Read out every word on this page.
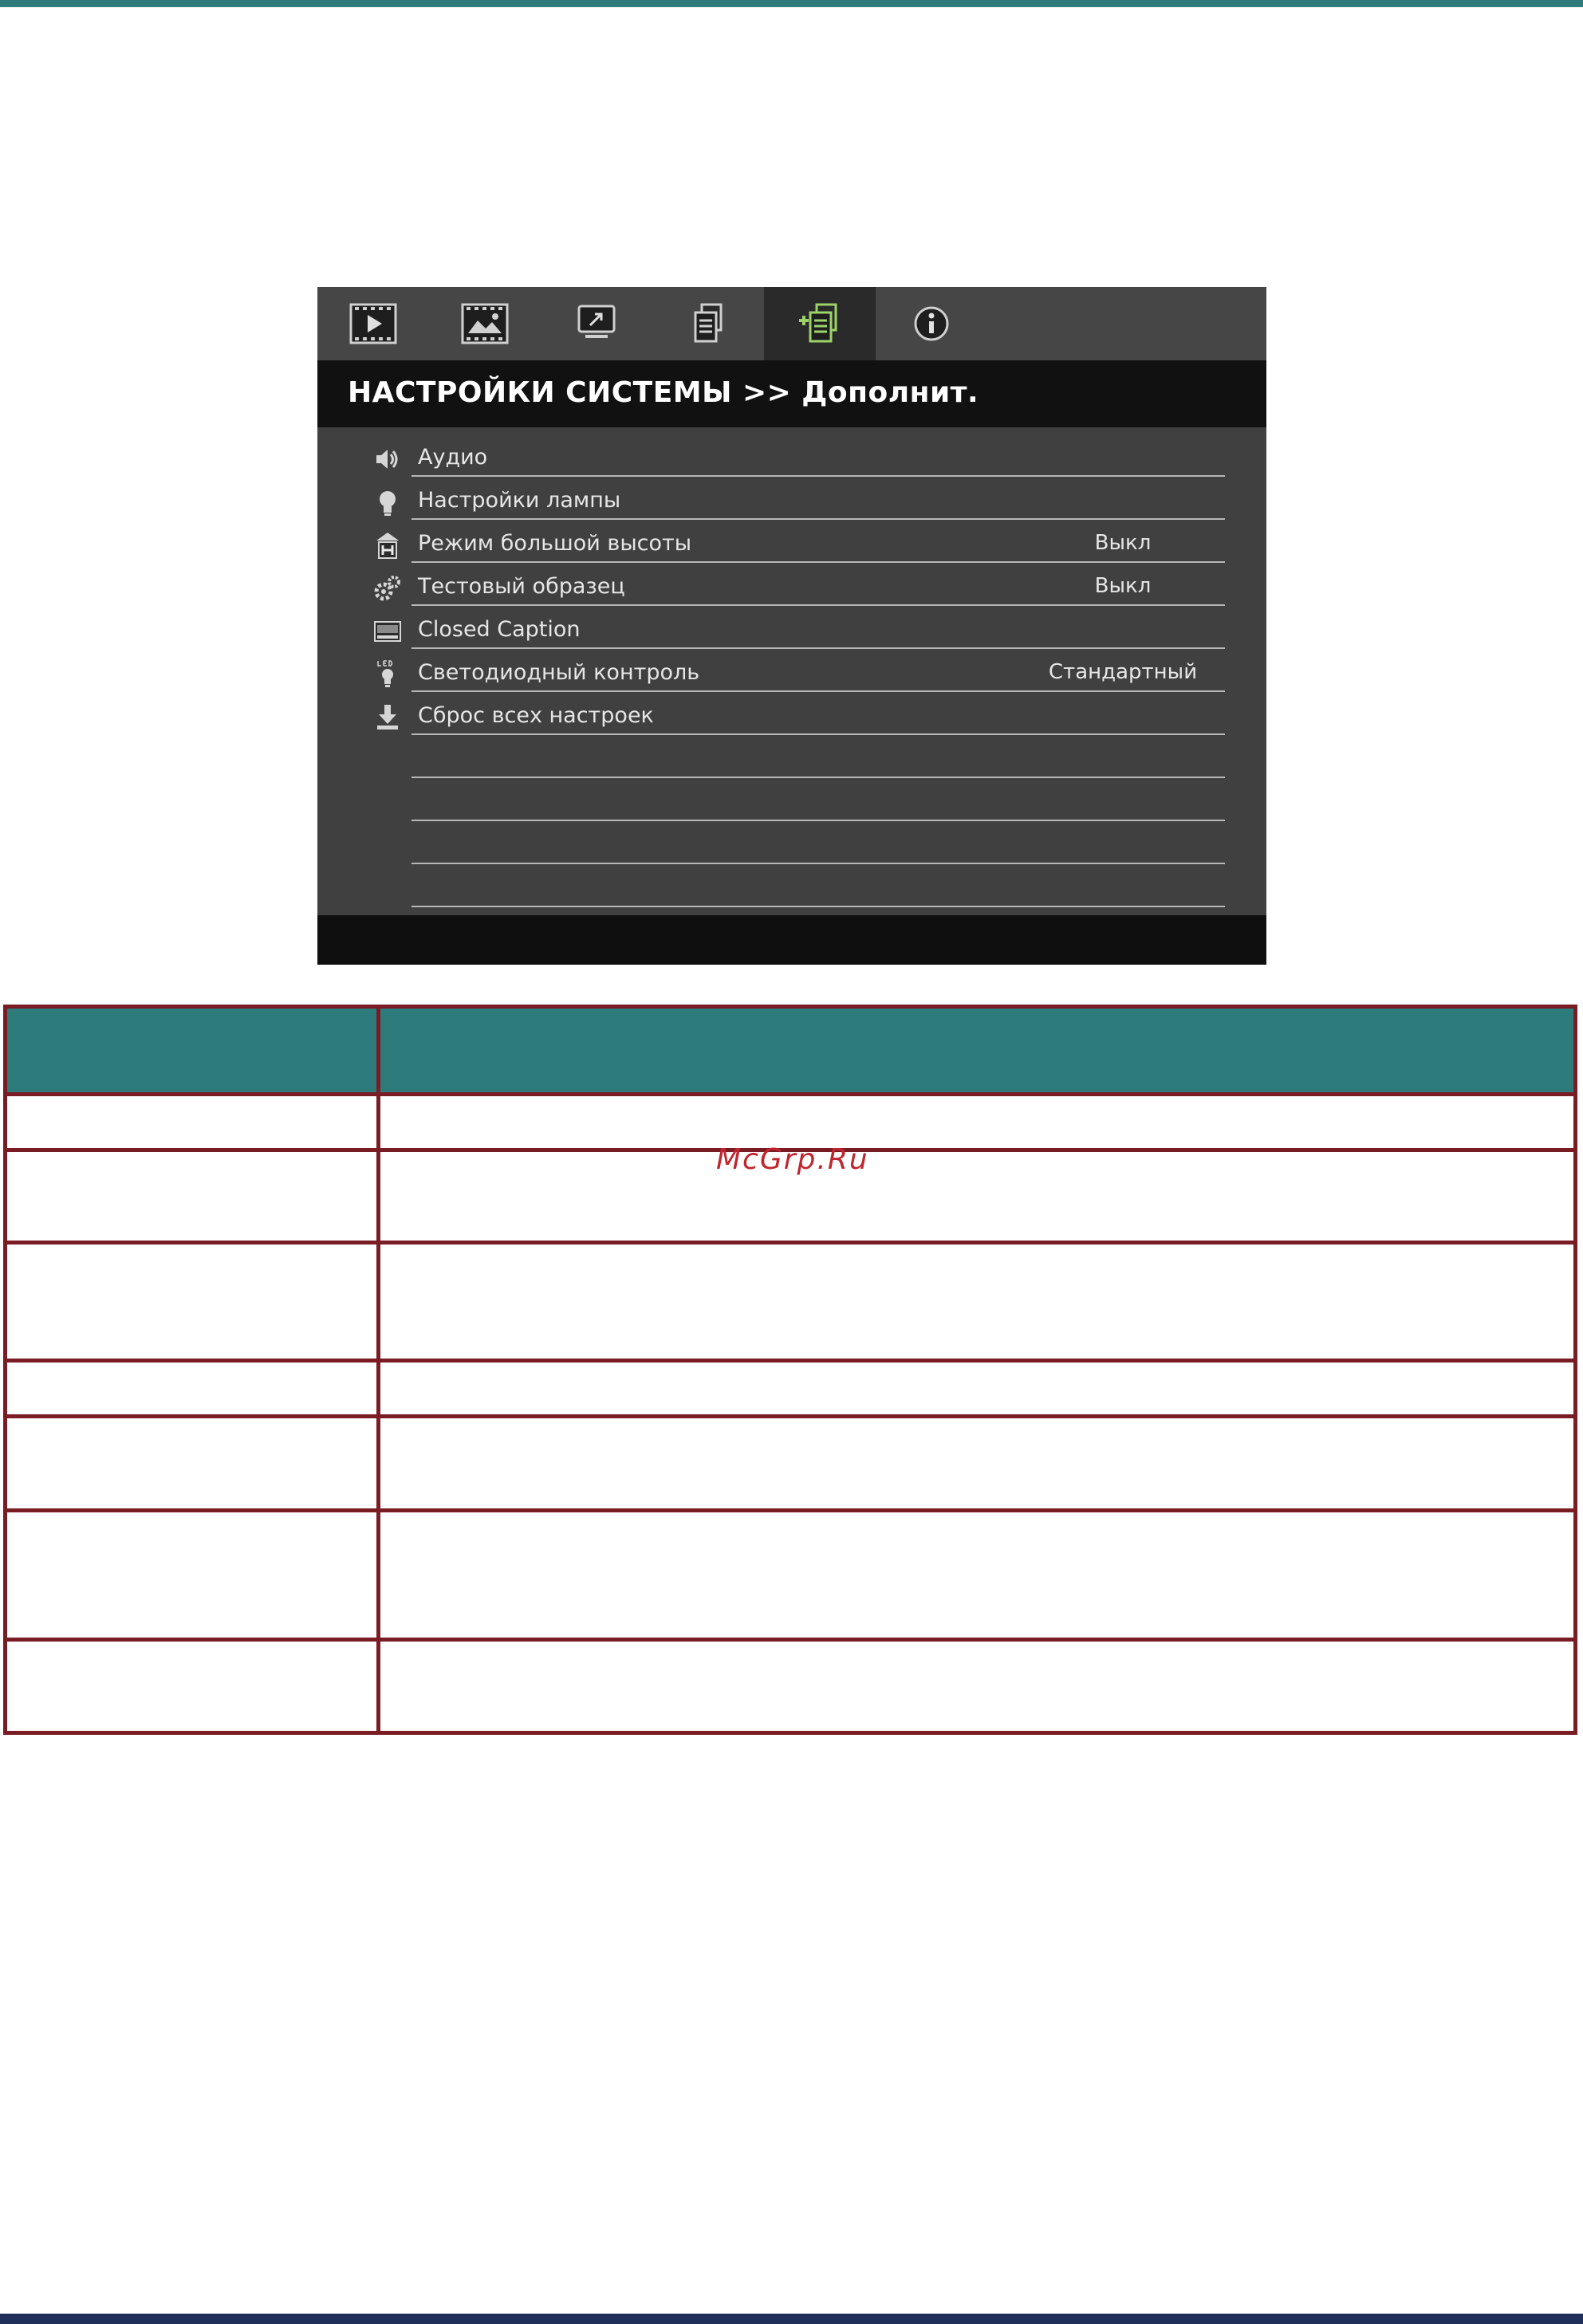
НАСТРОЙКИ СИСТЕМЫ >> Дополнит.
Аудио
Настройки лампы
Режим большой высоты	Выкл
Тестовый образец	Выкл
Closed Caption
Светодиодный контроль	Стандартный
Сброс всех настроек
McGrp.Ru
